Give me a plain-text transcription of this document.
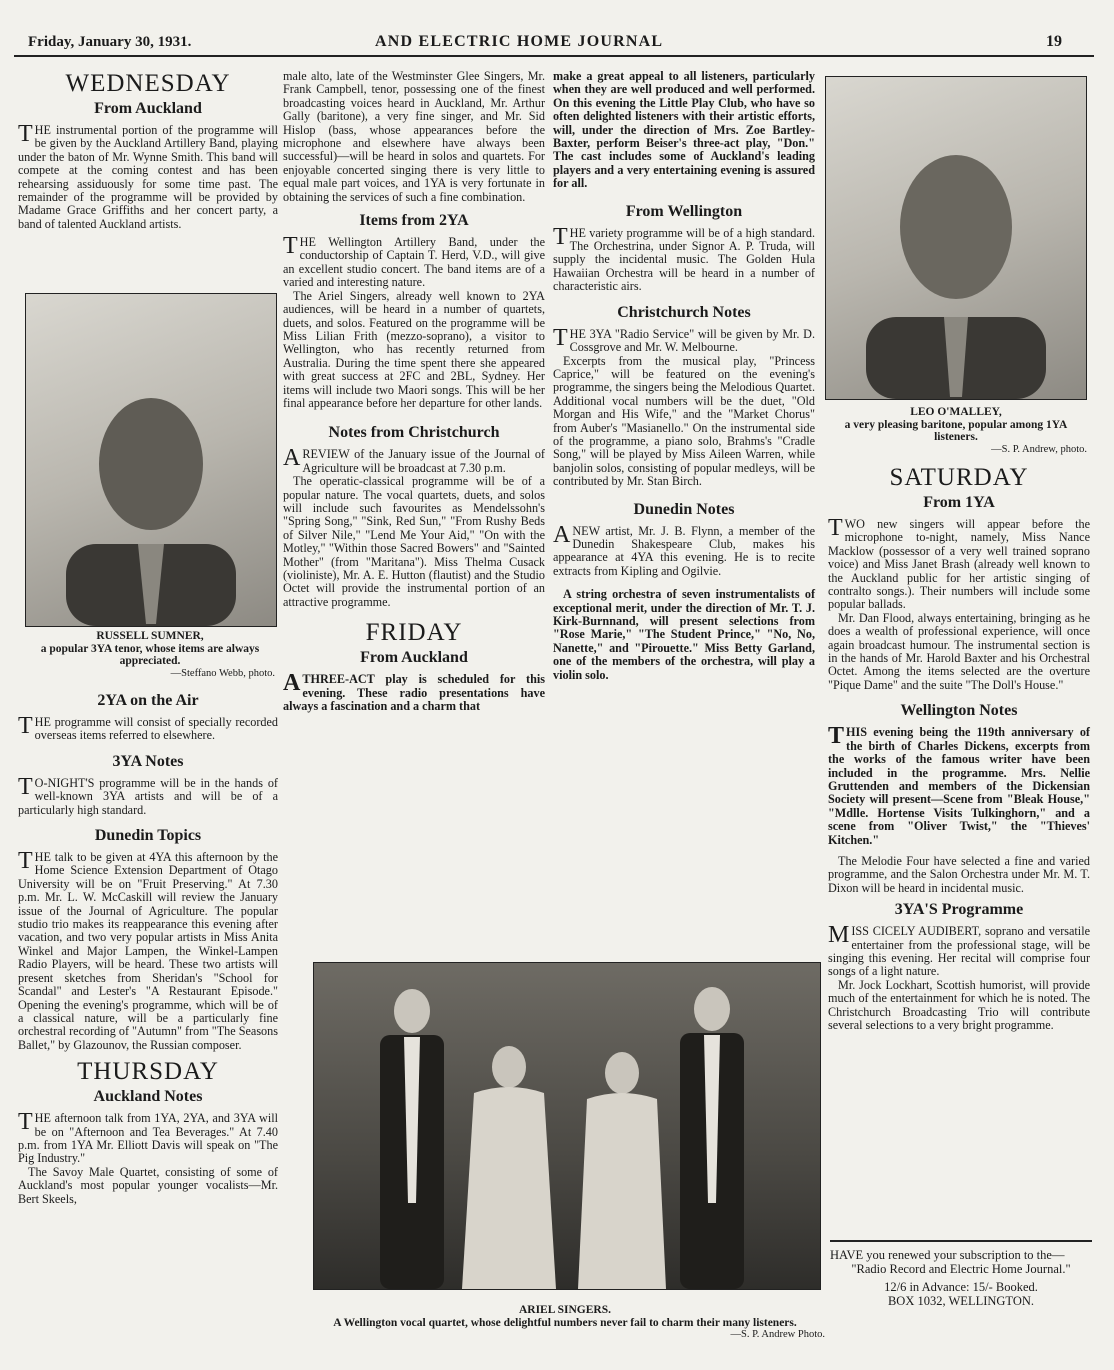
Friday, January 30, 1931.	AND ELECTRIC HOME JOURNAL	19
WEDNESDAY
From Auckland

THE instrumental portion of the programme will be given by the Auckland Artillery Band, playing under the baton of Mr. Wynne Smith. This band will compete at the coming contest and has been rehearsing assiduously for some time past. The remainder of the programme will be provided by Madame Grace Griffiths and her concert party, a band of talented Auckland artists.

RUSSELL SUMNER,
a popular 3YA tenor, whose items are always appreciated.
—Steffano Webb, photo.
2YA on the Air

THE programme will consist of specially recorded overseas items referred to elsewhere.

3YA Notes

TO-NIGHT'S programme will be in the hands of well-known 3YA artists and will be of a particularly high standard.

Dunedin Topics

THE talk to be given at 4YA this afternoon by the Home Science Extension Department of Otago University will be on "Fruit Preserving." At 7.30 p.m. Mr. L. W. McCaskill will review the January issue of the Journal of Agriculture. The popular studio trio makes its reappearance this evening after vacation, and two very popular artists in Miss Anita Winkel and Major Lampen, the Winkel-Lampen Radio Players, will be heard. These two artists will present sketches from Sheridan's "School for Scandal" and Lester's "A Restaurant Episode." Opening the evening's programme, which will be of a classical nature, will be a particularly fine orchestral recording of "Autumn" from "The Seasons Ballet," by Glazounov, the Russian composer.

THURSDAY
Auckland Notes

THE afternoon talk from 1YA, 2YA, and 3YA will be on "Afternoon and Tea Beverages." At 7.40 p.m. from 1YA Mr. Elliott Davis will speak on "The Pig Industry."

The Savoy Male Quartet, consisting of some of Auckland's most popular younger vocalists—Mr. Bert Skeels,

male alto, late of the Westminster Glee Singers, Mr. Frank Campbell, tenor, possessing one of the finest broadcasting voices heard in Auckland, Mr. Arthur Gally (baritone), a very fine singer, and Mr. Sid Hislop (bass, whose appearances before the microphone and elsewhere have always been successful)—will be heard in solos and quartets. For enjoyable concerted singing there is very little to equal male part voices, and 1YA is very fortunate in obtaining the services of such a fine combination.

Items from 2YA

THE Wellington Artillery Band, under the conductorship of Captain T. Herd, V.D., will give an excellent studio concert. The band items are of a varied and interesting nature.

The Ariel Singers, already well known to 2YA audiences, will be heard in a number of quartets, duets, and solos. Featured on the programme will be Miss Lilian Frith (mezzo-soprano), a visitor to Wellington, who has recently returned from Australia. During the time spent there she appeared with great success at 2FC and 2BL, Sydney. Her items will include two Maori songs. This will be her final appearance before her departure for other lands.

Notes from Christchurch

AREVIEW of the January issue of the Journal of Agriculture will be broadcast at 7.30 p.m.

The operatic-classical programme will be of a popular nature. The vocal quartets, duets, and solos will include such favourites as Mendelssohn's "Spring Song," "Sink, Red Sun," "From Rushy Beds of Silver Nile," "Lend Me Your Aid," "On with the Motley," "Within those Sacred Bowers" and "Sainted Mother" (from "Maritana"). Miss Thelma Cusack (violiniste), Mr. A. E. Hutton (flautist) and the Studio Octet will provide the instrumental portion of an attractive programme.

FRIDAY
From Auckland

ATHREE-ACT play is scheduled for this evening. These radio presentations have always a fascination and a charm that

make a great appeal to all listeners, particularly when they are well produced and well performed. On this evening the Little Play Club, who have so often delighted listeners with their artistic efforts, will, under the direction of Mrs. Zoe Bartley-Baxter, perform Beiser's three-act play, "Don." The cast includes some of Auckland's leading players and a very entertaining evening is assured for all.

From Wellington

THE variety programme will be of a high standard. The Orchestrina, under Signor A. P. Truda, will supply the incidental music. The Golden Hula Hawaiian Orchestra will be heard in a number of characteristic airs.

Christchurch Notes

THE 3YA "Radio Service" will be given by Mr. D. Cossgrove and Mr. W. Melbourne.

Excerpts from the musical play, "Princess Caprice," will be featured on the evening's programme, the singers being the Melodious Quartet. Additional vocal numbers will be the duet, "Old Morgan and His Wife," and the "Market Chorus" from Auber's "Masianello." On the instrumental side of the programme, a piano solo, Brahms's "Cradle Song," will be played by Miss Aileen Warren, while banjolin solos, consisting of popular medleys, will be contributed by Mr. Stan Birch.

Dunedin Notes

ANEW artist, Mr. J. B. Flynn, a member of the Dunedin Shakespeare Club, makes his appearance at 4YA this evening. He is to recite extracts from Kipling and Ogilvie.

A string orchestra of seven instrumentalists of exceptional merit, under the direction of Mr. T. J. Kirk-Burnnand, will present selections from "Rose Marie," "The Student Prince," "No, No, Nanette," and "Pirouette." Miss Betty Garland, one of the members of the orchestra, will play a violin solo.

LEO O'MALLEY,
a very pleasing baritone, popular among 1YA listeners.
—S. P. Andrew, photo.
SATURDAY
From 1YA

TWO new singers will appear before the microphone to-night, namely, Miss Nance Macklow (possessor of a very well trained soprano voice) and Miss Janet Brash (already well known to the Auckland public for her artistic singing of contralto songs.). Their numbers will include some popular ballads.

Mr. Dan Flood, always entertaining, bringing as he does a wealth of professional experience, will once again broadcast humour. The instrumental section is in the hands of Mr. Harold Baxter and his Orchestral Octet. Among the items selected are the overture "Pique Dame" and the suite "The Doll's House."

Wellington Notes

THIS evening being the 119th anniversary of the birth of Charles Dickens, excerpts from the works of the famous writer have been included in the programme. Mrs. Nellie Gruttenden and members of the Dickensian Society will present—Scene from "Bleak House," "Mdlle. Hortense Visits Tulkinghorn," and a scene from "Oliver Twist," the "Thieves' Kitchen."

The Melodie Four have selected a fine and varied programme, and the Salon Orchestra under Mr. M. T. Dixon will be heard in incidental music.

3YA'S Programme

MISS CICELY AUDIBERT, soprano and versatile entertainer from the professional stage, will be singing this evening. Her recital will comprise four songs of a light nature.

Mr. Jock Lockhart, Scottish humorist, will provide much of the entertainment for which he is noted. The Christchurch Broadcasting Trio will contribute several selections to a very bright programme.

HAVE you renewed your subscription to the—
"Radio Record and Electric Home Journal."
12/6 in Advance: 15/- Booked.
BOX 1032, WELLINGTON.
ARIEL SINGERS.
A Wellington vocal quartet, whose delightful numbers never fail to charm their many listeners.
—S. P. Andrew Photo.
